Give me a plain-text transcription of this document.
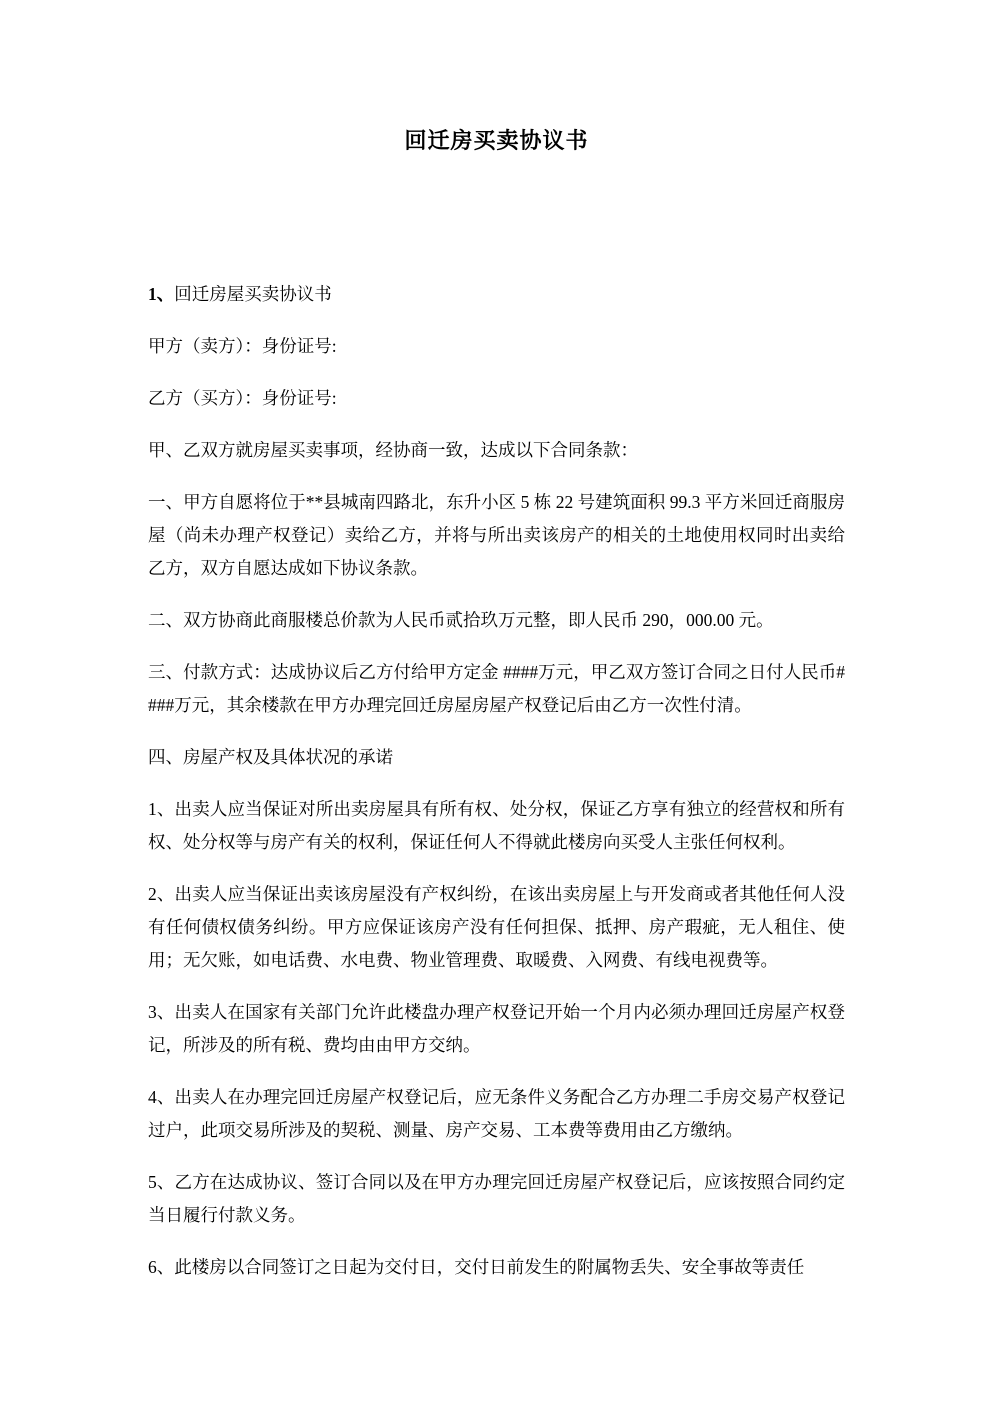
回迁房买卖协议书

1、回迁房屋买卖协议书

甲方（卖方）：身份证号:

乙方（买方）：身份证号:

甲、乙双方就房屋买卖事项，经协商一致，达成以下合同条款：

一、甲方自愿将位于**县城南四路北，东升小区 5 栋 22 号建筑面积 99.3 平方米回迁商服房屋（尚未办理产权登记）卖给乙方，并将与所出卖该房产的相关的土地使用权同时出卖给乙方，双方自愿达成如下协议条款。

二、双方协商此商服楼总价款为人民币贰拾玖万元整，即人民币 290，000.00 元。

三、付款方式：达成协议后乙方付给甲方定金 ####万元，甲乙双方签订合同之日付人民币####万元，其余楼款在甲方办理完回迁房屋房屋产权登记后由乙方一次性付清。

四、房屋产权及具体状况的承诺

1、出卖人应当保证对所出卖房屋具有所有权、处分权，保证乙方享有独立的经营权和所有权、处分权等与房产有关的权利，保证任何人不得就此楼房向买受人主张任何权利。

2、出卖人应当保证出卖该房屋没有产权纠纷，在该出卖房屋上与开发商或者其他任何人没有任何债权债务纠纷。甲方应保证该房产没有任何担保、抵押、房产瑕疵，无人租住、使用；无欠账，如电话费、水电费、物业管理费、取暖费、入网费、有线电视费等。

3、出卖人在国家有关部门允许此楼盘办理产权登记开始一个月内必须办理回迁房屋产权登记，所涉及的所有税、费均由由甲方交纳。

4、出卖人在办理完回迁房屋产权登记后，应无条件义务配合乙方办理二手房交易产权登记过户，此项交易所涉及的契税、测量、房产交易、工本费等费用由乙方缴纳。

5、乙方在达成协议、签订合同以及在甲方办理完回迁房屋产权登记后，应该按照合同约定当日履行付款义务。

6、此楼房以合同签订之日起为交付日，交付日前发生的附属物丢失、安全事故等责任
